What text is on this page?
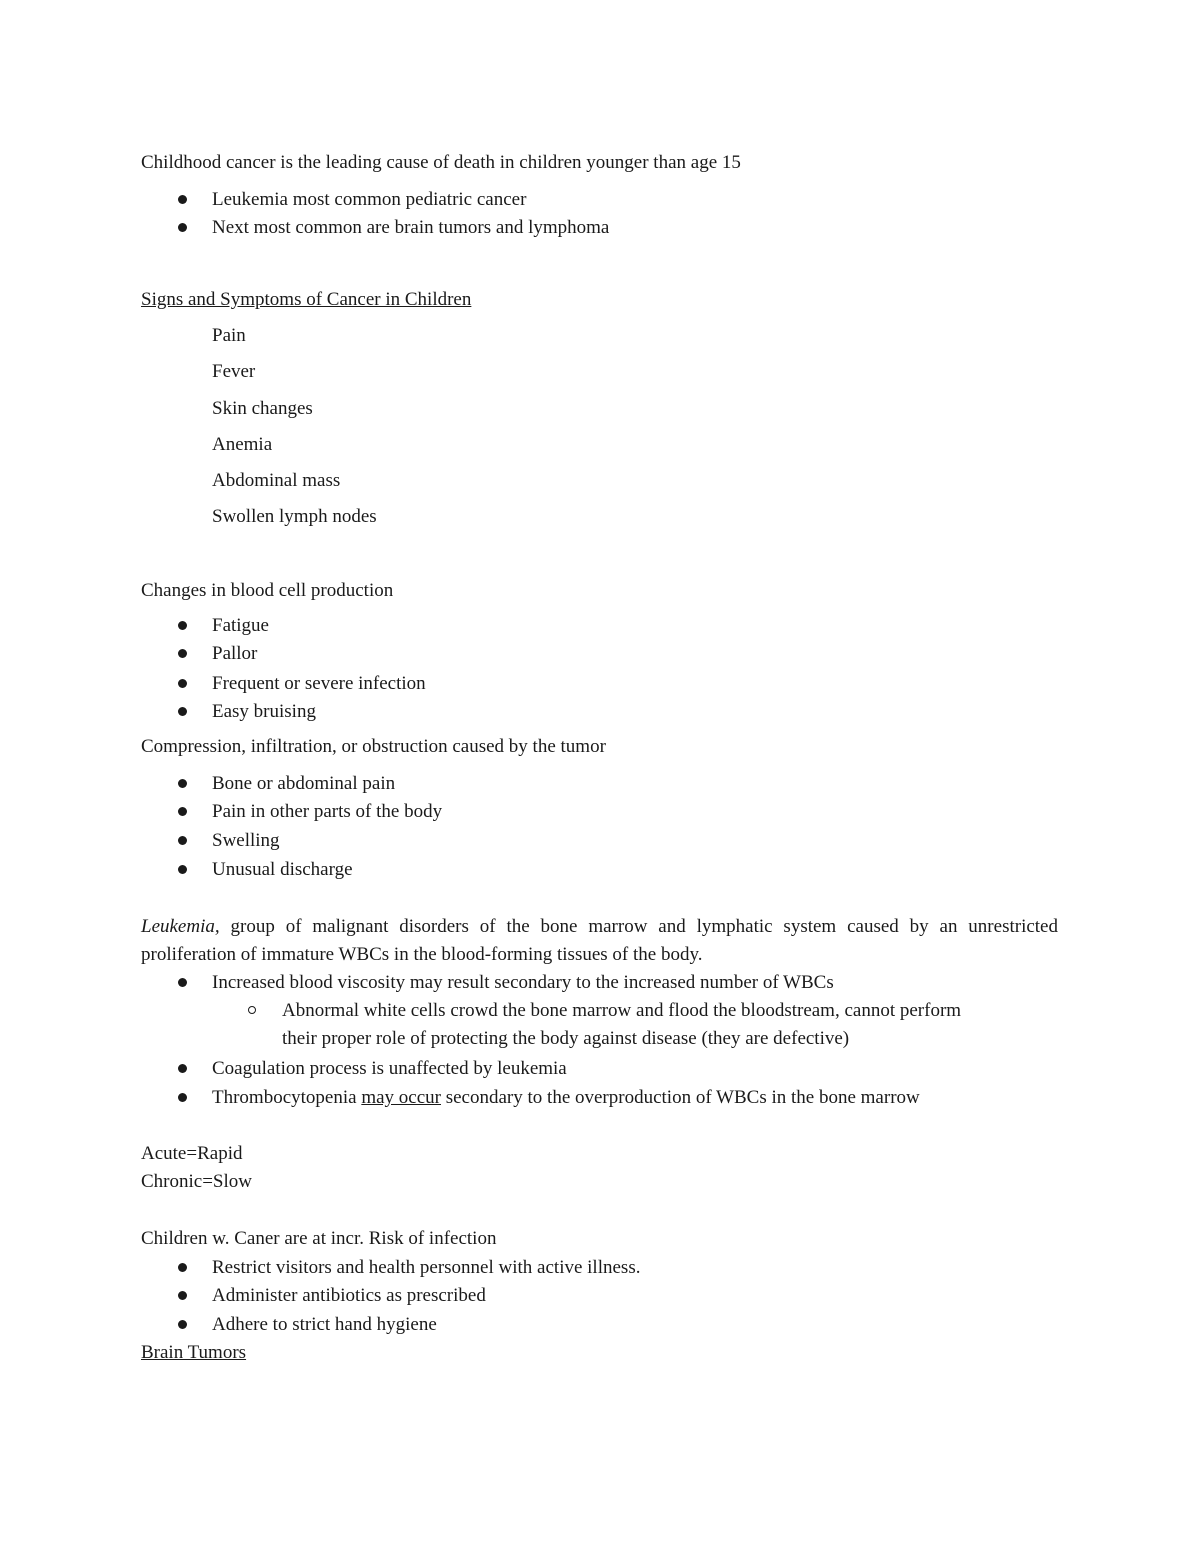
Childhood cancer is the leading cause of death in children younger than age 15
Leukemia most common pediatric cancer
Next most common are brain tumors and lymphoma
Signs and Symptoms of Cancer in Children
Pain
Fever
Skin changes
Anemia
Abdominal mass
Swollen lymph nodes
Changes in blood cell production
Fatigue
Pallor
Frequent or severe infection
Easy bruising
Compression, infiltration, or obstruction caused by the tumor
Bone or abdominal pain
Pain in other parts of the body
Swelling
Unusual discharge
Leukemia, group of malignant disorders of the bone marrow and lymphatic system caused by an unrestricted proliferation of immature WBCs in the blood-forming tissues of the body.
Increased blood viscosity may result secondary to the increased number of WBCs
Abnormal white cells crowd the bone marrow and flood the bloodstream, cannot perform
their proper role of protecting the body against disease (they are defective)
Coagulation process is unaffected by leukemia
Thrombocytopenia may occur secondary to the overproduction of WBCs in the bone marrow
Acute=Rapid
Chronic=Slow
Children w. Caner are at incr. Risk of infection
Restrict visitors and health personnel with active illness.
Administer antibiotics as prescribed
Adhere to strict hand hygiene
Brain Tumors
